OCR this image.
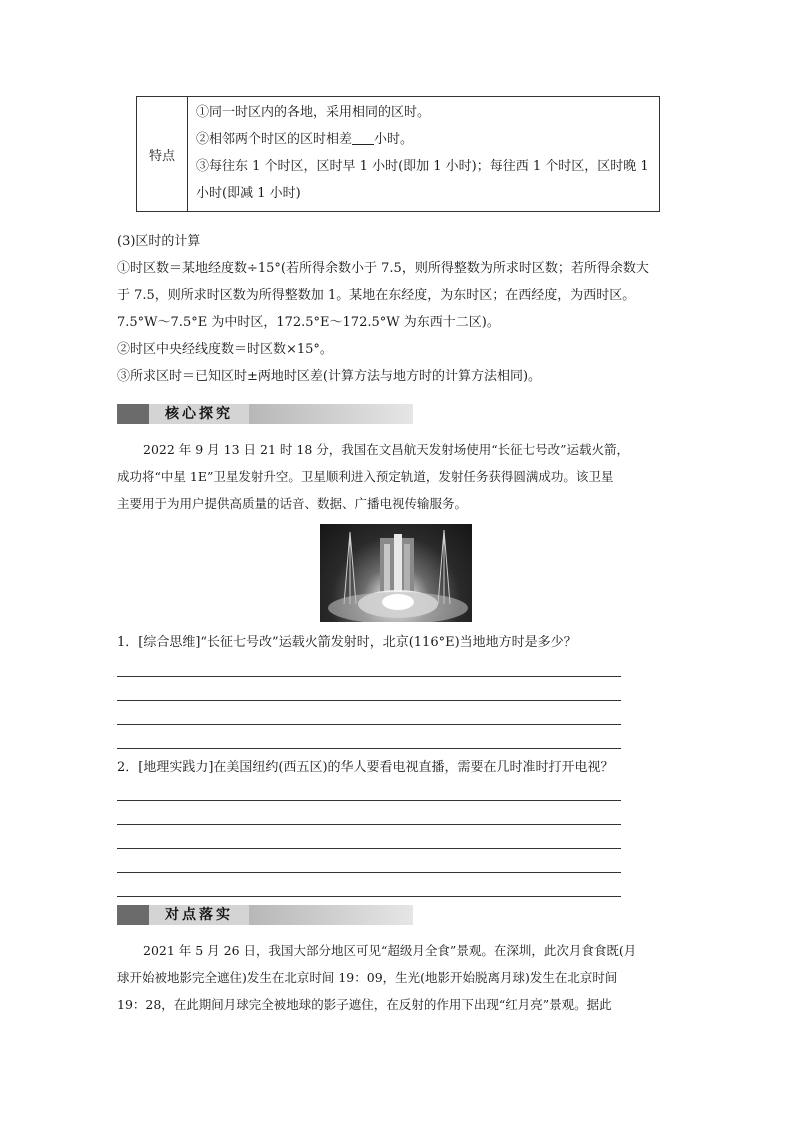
特点	
①同一时区内的各地，采用相同的区时。
②相邻两个时区的区时相差 小时。
③每往东 1 个时区，区时早 1 小时(即加 1 小时)；每往西 1 个时区，区时晚 1
小时(即减 1 小时)
(3)区时的计算
①时区数＝某地经度数÷15°(若所得余数小于 7.5，则所得整数为所求时区数；若所得余数大
于 7.5，则所求时区数为所得整数加 1。某地在东经度，为东时区；在西经度，为西时区。
7.5°W～7.5°E 为中时区，172.5°E～172.5°W 为东西十二区)。
②时区中央经线度数＝时区数×15°。
③所求区时＝已知区时±两地时区差(计算方法与地方时的计算方法相同)。
核心探究
2022 年 9 月 13 日 21 时 18 分，我国在文昌航天发射场使用“长征七号改”运载火箭，
成功将“中星 1E”卫星发射升空。卫星顺利进入预定轨道，发射任务获得圆满成功。该卫星
主要用于为用户提供高质量的话音、数据、广播电视传输服务。
1．[综合思维]“长征七号改”运载火箭发射时，北京(116°E)当地地方时是多少？
2．[地理实践力]在美国纽约(西五区)的华人要看电视直播，需要在几时准时打开电视？
对点落实
2021 年 5 月 26 日，我国大部分地区可见“超级月全食”景观。在深圳，此次月食食既(月
球开始被地影完全遮住)发生在北京时间 19：09，生光(地影开始脱离月球)发生在北京时间
19：28，在此期间月球完全被地球的影子遮住，在反射的作用下出现“红月亮”景观。据此
